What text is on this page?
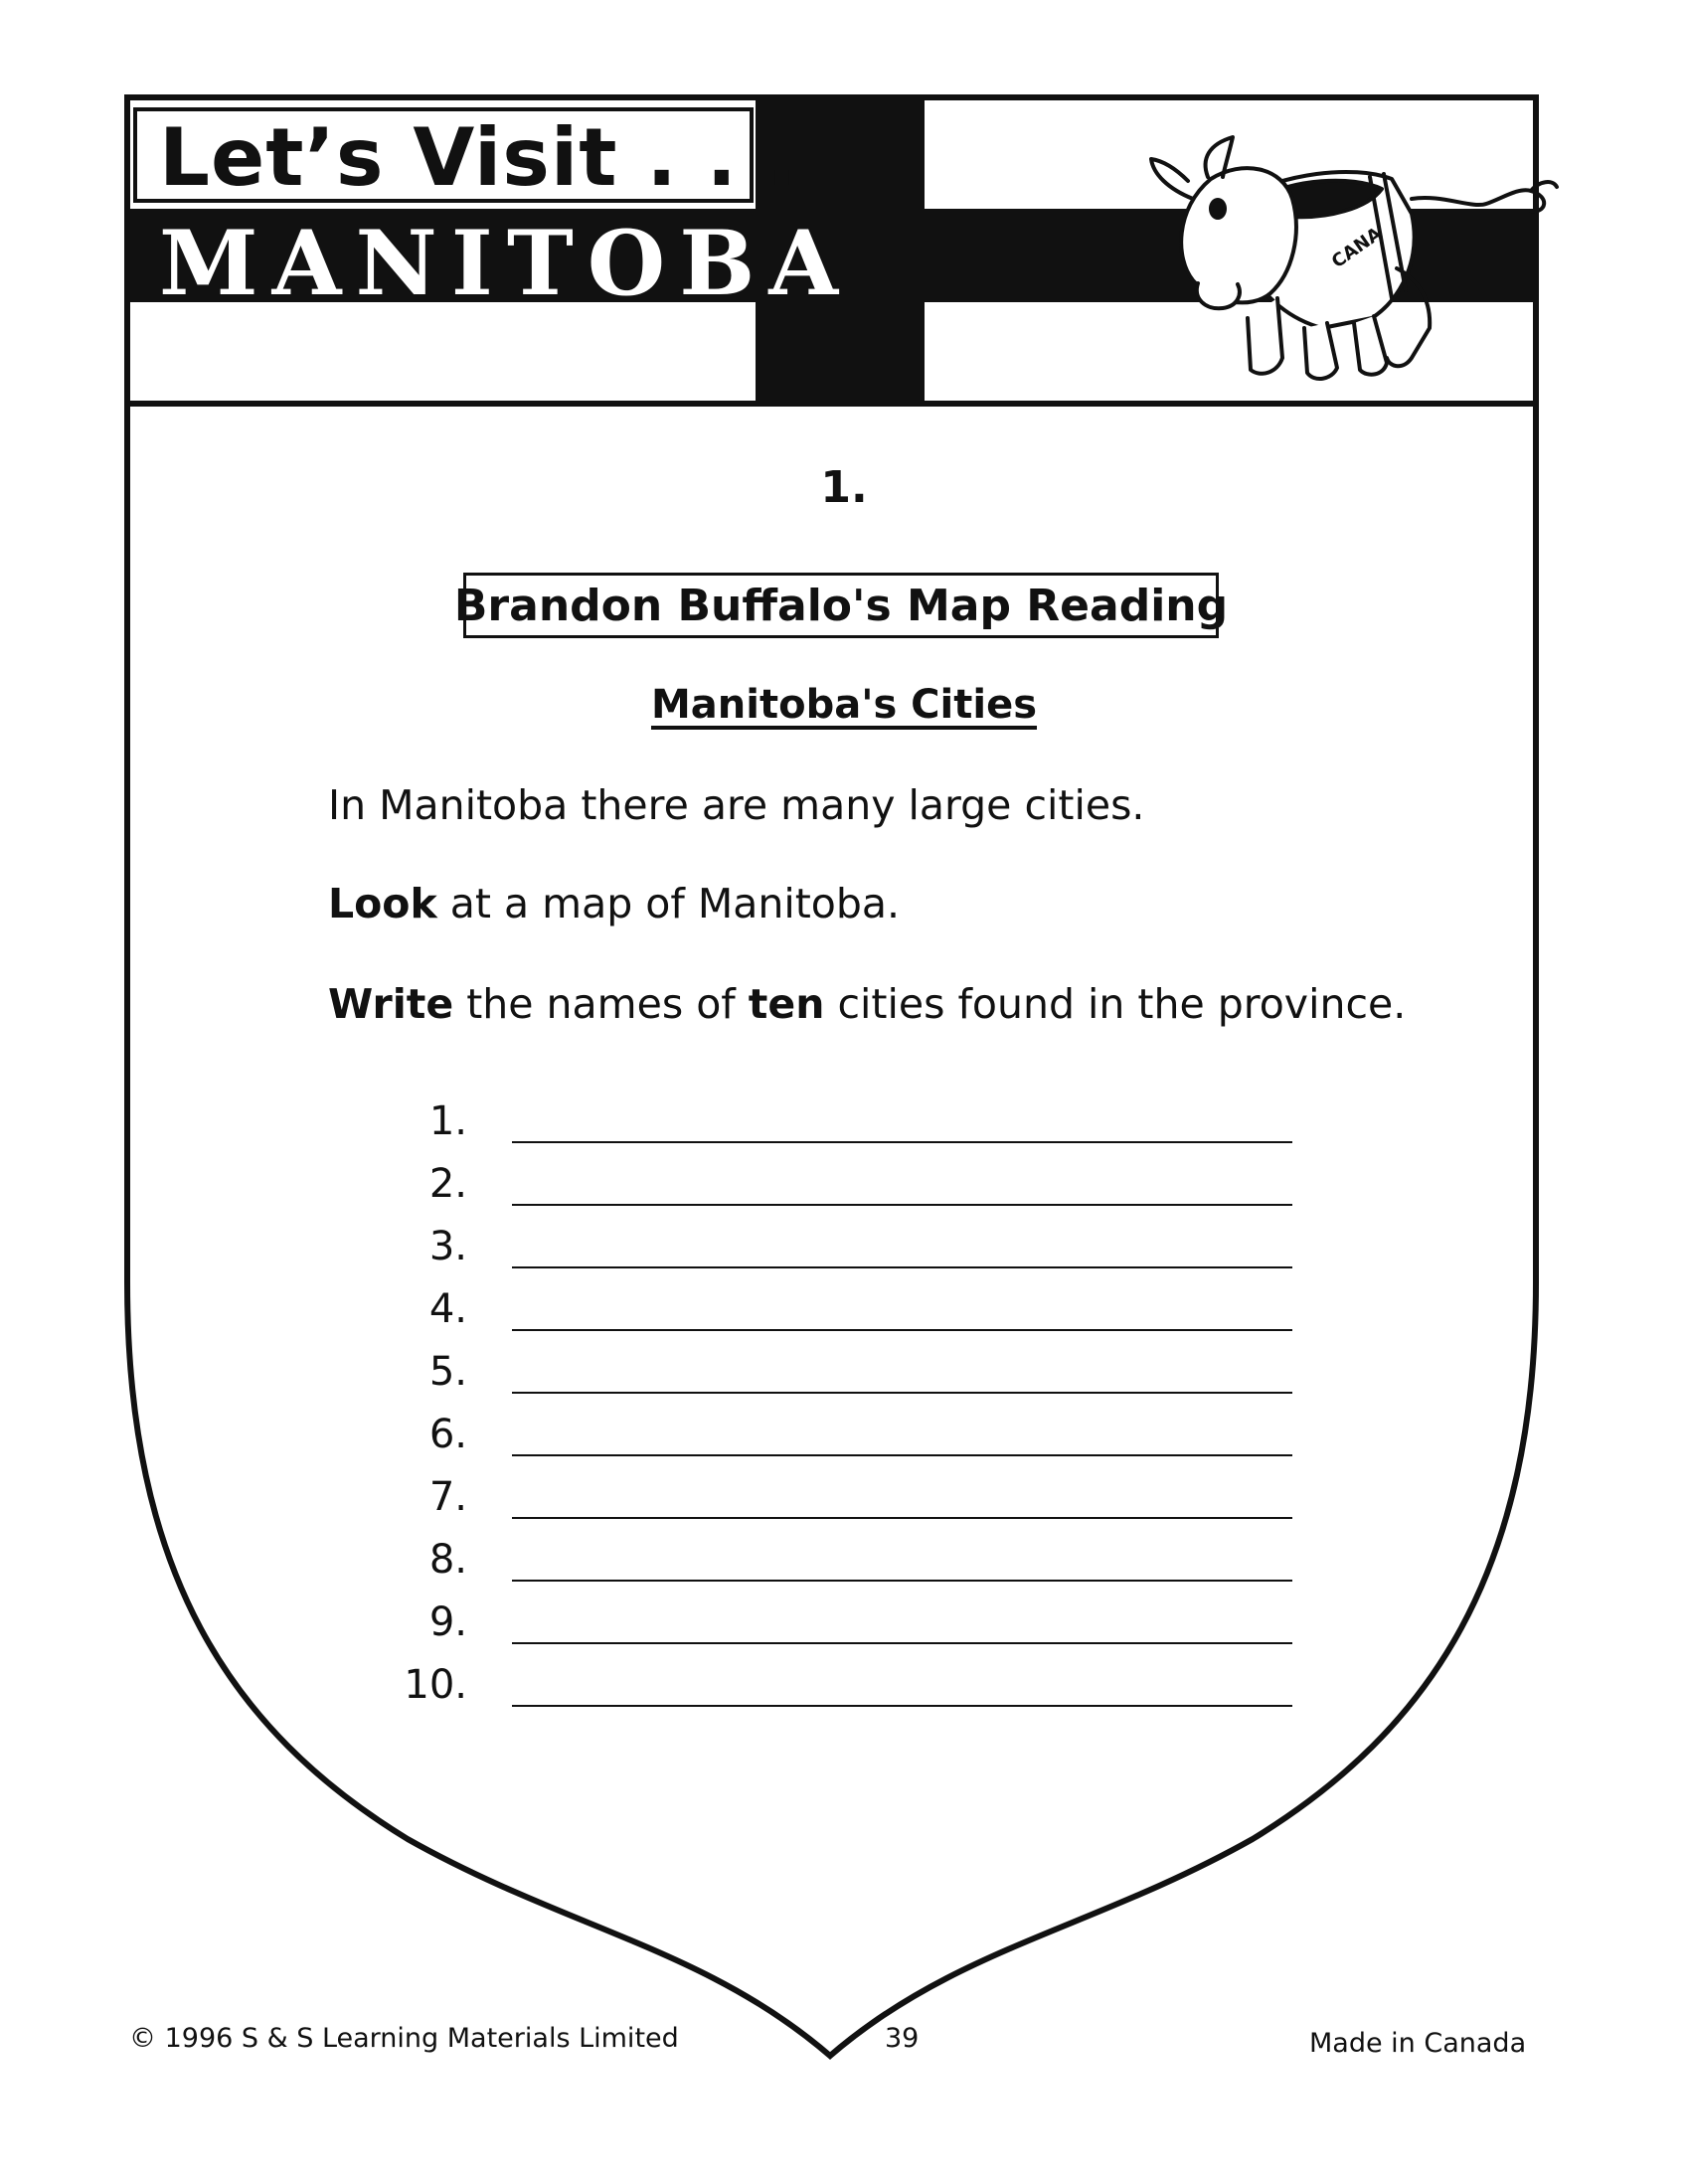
CANA
Let’s Visit . . .
MANITOBA
1.
Brandon Buffalo's Map Reading
Manitoba's Cities
In Manitoba there are many large cities.
Look at a map of Manitoba.
Write the names of ten cities found in the province.
1.
2.
3.
4.
5.
6.
7.
8.
9.
10.
© 1996 S & S Learning Materials Limited	39	Made in Canada
